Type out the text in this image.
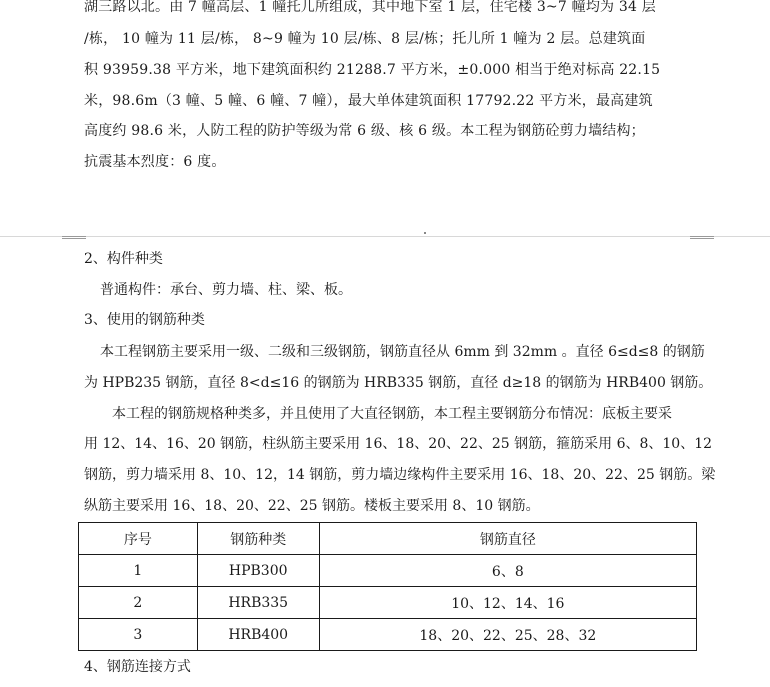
湖三路以北。由 7 幢高层、1 幢托儿所组成，其中地下室 1 层，住宅楼 3~7 幢均为 34 层
/栋， 10 幢为 11 层/栋， 8~9 幢为 10 层/栋、8 层/栋；托儿所 1 幢为 2 层。总建筑面
积 93959.38 平方米，地下建筑面积约 21288.7 平方米，±0.000 相当于绝对标高 22.15
米，98.6m（3 幢、5 幢、6 幢、7 幢），最大单体建筑面积 17792.22 平方米，最高建筑
高度约 98.6 米，人防工程的防护等级为常 6 级、核 6 级。本工程为钢筋砼剪力墙结构；
抗震基本烈度：6 度。
2、构件种类
普通构件：承台、剪力墙、柱、梁、板。
3、使用的钢筋种类
本工程钢筋主要采用一级、二级和三级钢筋，钢筋直径从 6mm 到 32mm 。直径 6≤d≤8 的钢筋
为 HPB235 钢筋，直径 8<d≤16 的钢筋为 HRB335 钢筋，直径 d≥18 的钢筋为 HRB400 钢筋。
本工程的钢筋规格种类多，并且使用了大直径钢筋，本工程主要钢筋分布情况：底板主要采
用 12、14、16、20 钢筋，柱纵筋主要采用 16、18、20、22、25 钢筋，箍筋采用 6、8、10、12
钢筋，剪力墙采用 8、10、12，14 钢筋，剪力墙边缘构件主要采用 16、18、20、22、25 钢筋。梁
纵筋主要采用 16、18、20、22、25 钢筋。楼板主要采用 8、10 钢筋。
序号	钢筋种类	钢筋直径
1	HPB300	6、8
2	HRB335	10、12、14、16
3	HRB400	18、20、22、25、28、32
4、钢筋连接方式
